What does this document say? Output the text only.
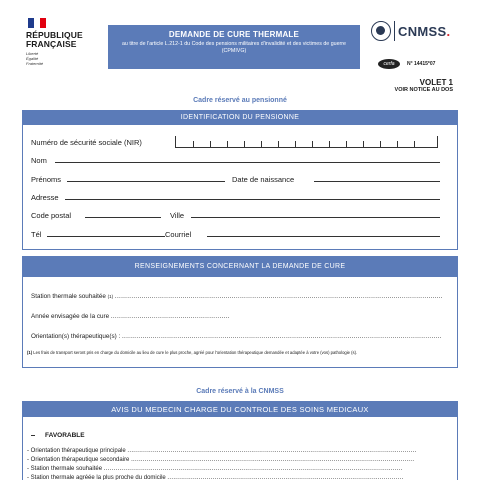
RÉPUBLIQUE
FRANÇAISE
Liberté
Égalité
Fraternité
DEMANDE DE CURE THERMALE
au titre de l'article L.212-1 du Code des pensions militaires d'invalidité et des victimes de guerre (CPMIVG)
CNMSS.
cerfa	N° 14415*07
VOLET 1
VOIR NOTICE AU DOS
Cadre réservé au pensionné
IDENTIFICATION DU PENSIONNE
Numéro de sécurité sociale (NIR)
Nom
Prénoms	Date de naissance
Adresse
Code postal	Ville
Tél	Courriel
RENSEIGNEMENTS CONCERNANT LA DEMANDE DE CURE
Station thermale souhaitée (1) ................................................................................................................................................................
Année envisagée de la cure ..........................................................
Orientation(s) thérapeutique(s) : ............................................................................................................................................................
(1) Les frais de transport seront pris en charge du domicile au lieu de cure le plus proche, agréé pour l'orientation thérapeutique demandée et adaptée à votre (vos) pathologie (s).
Cadre réservé à la CNMSS
AVIS DU MEDECIN CHARGE DU CONTROLE DES SOINS MEDICAUX
FAVORABLE
- Orientation thérapeutique principale ...................................................................................................................................................
- Orientation thérapeutique secondaire ................................................................................................................................................
- Station thermale souhaitée ........................................................................................................................................................
- Station thermale agréée la plus proche du domicile ........................................................................................................................
